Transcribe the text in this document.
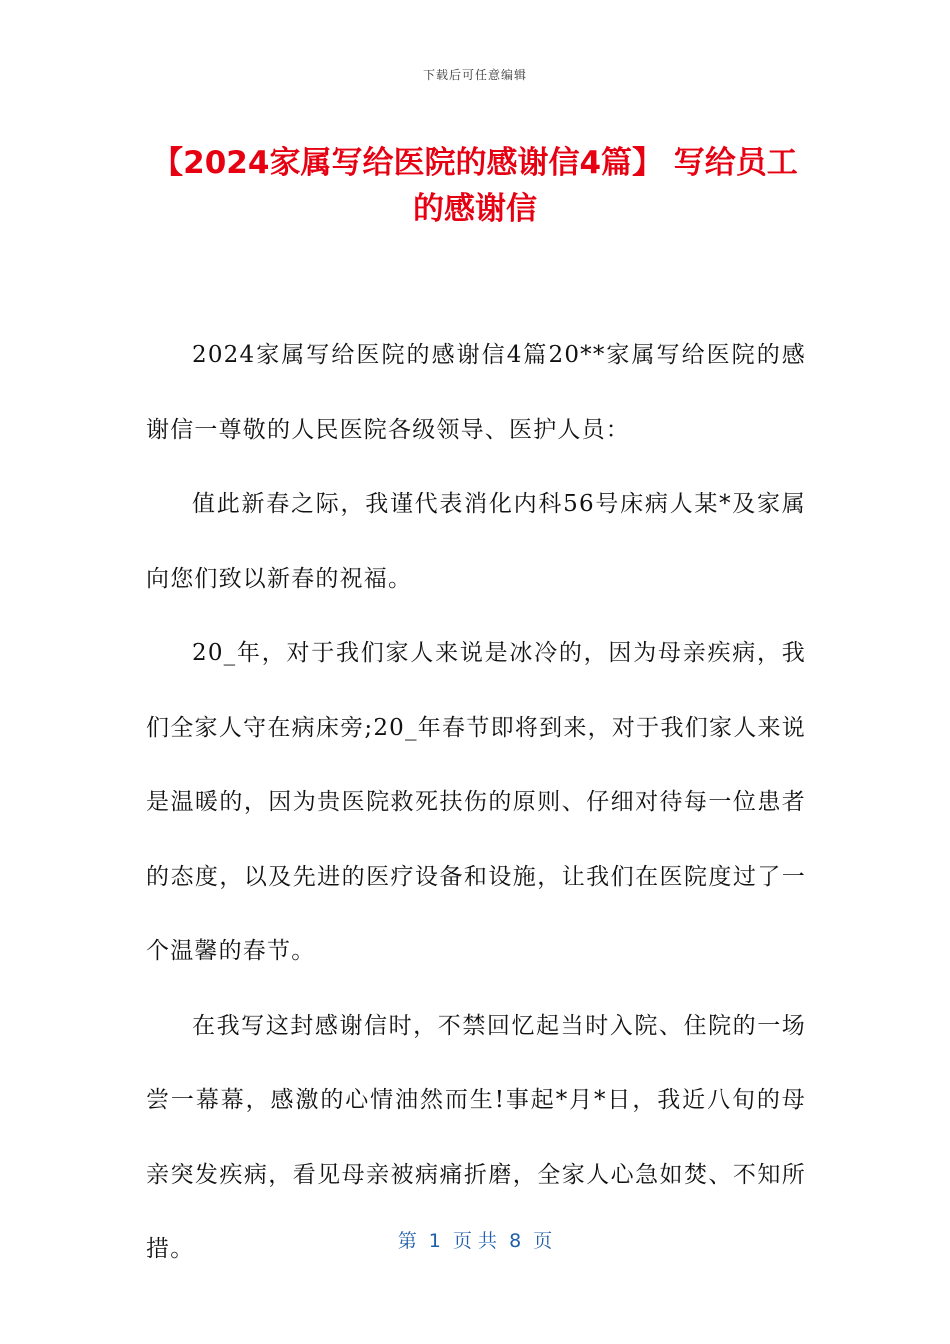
下载后可任意编辑
【2024家属写给医院的感谢信4篇】 写给员工的感谢信

2024家属写给医院的感谢信4篇20**家属写给医院的感谢信一尊敬的人民医院各级领导、医护人员：

值此新春之际，我谨代表消化内科56号床病人某*及家属向您们致以新春的祝福。

20_年，对于我们家人来说是冰冷的，因为母亲疾病，我们全家人守在病床旁;20_年春节即将到来，对于我们家人来说是温暖的，因为贵医院救死扶伤的原则、仔细对待每一位患者的态度，以及先进的医疗设备和设施，让我们在医院度过了一个温馨的春节。

在我写这封感谢信时，不禁回忆起当时入院、住院的一场尝一幕幕，感激的心情油然而生!事起*月*日，我近八旬的母亲突发疾病，看见母亲被病痛折磨，全家人心急如焚、不知所措。	第  1  页 共  8  页
